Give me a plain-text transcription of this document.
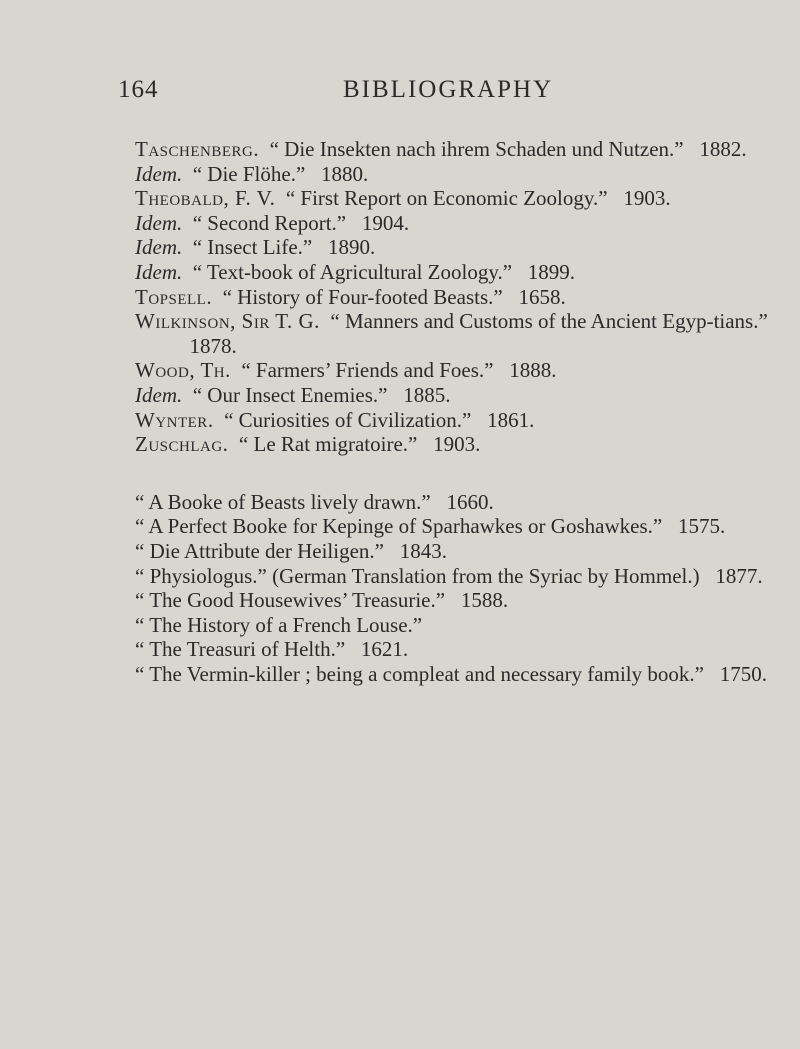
164	BIBLIOGRAPHY

Taschenberg. “ Die Insekten nach ihrem Schaden und Nutzen.” 1882.

Idem. “ Die Flöhe.” 1880.

Theobald, F. V. “ First Report on Economic Zoology.” 1903.

Idem. “ Second Report.” 1904.

Idem. “ Insect Life.” 1890.

Idem. “ Text-book of Agricultural Zoology.” 1899.

Topsell. “ History of Four-footed Beasts.” 1658.

Wilkinson, Sir T. G. “ Manners and Customs of the Ancient Egyp-tians.”   1878.

Wood, Th. “ Farmers’ Friends and Foes.” 1888.

Idem. “ Our Insect Enemies.” 1885.

Wynter. “ Curiosities of Civilization.” 1861.

Zuschlag. “ Le Rat migratoire.” 1903.

“ A Booke of Beasts lively drawn.” 1660.

“ A Perfect Booke for Kepinge of Sparhawkes or Goshawkes.” 1575.

“ Die Attribute der Heiligen.” 1843.

“ Physiologus.” (German Translation from the Syriac by Hommel.) 1877.

“ The Good Housewives’ Treasurie.” 1588.

“ The History of a French Louse.”

“ The Treasuri of Helth.” 1621.

“ The Vermin-killer ; being a compleat and necessary family book.” 1750.
